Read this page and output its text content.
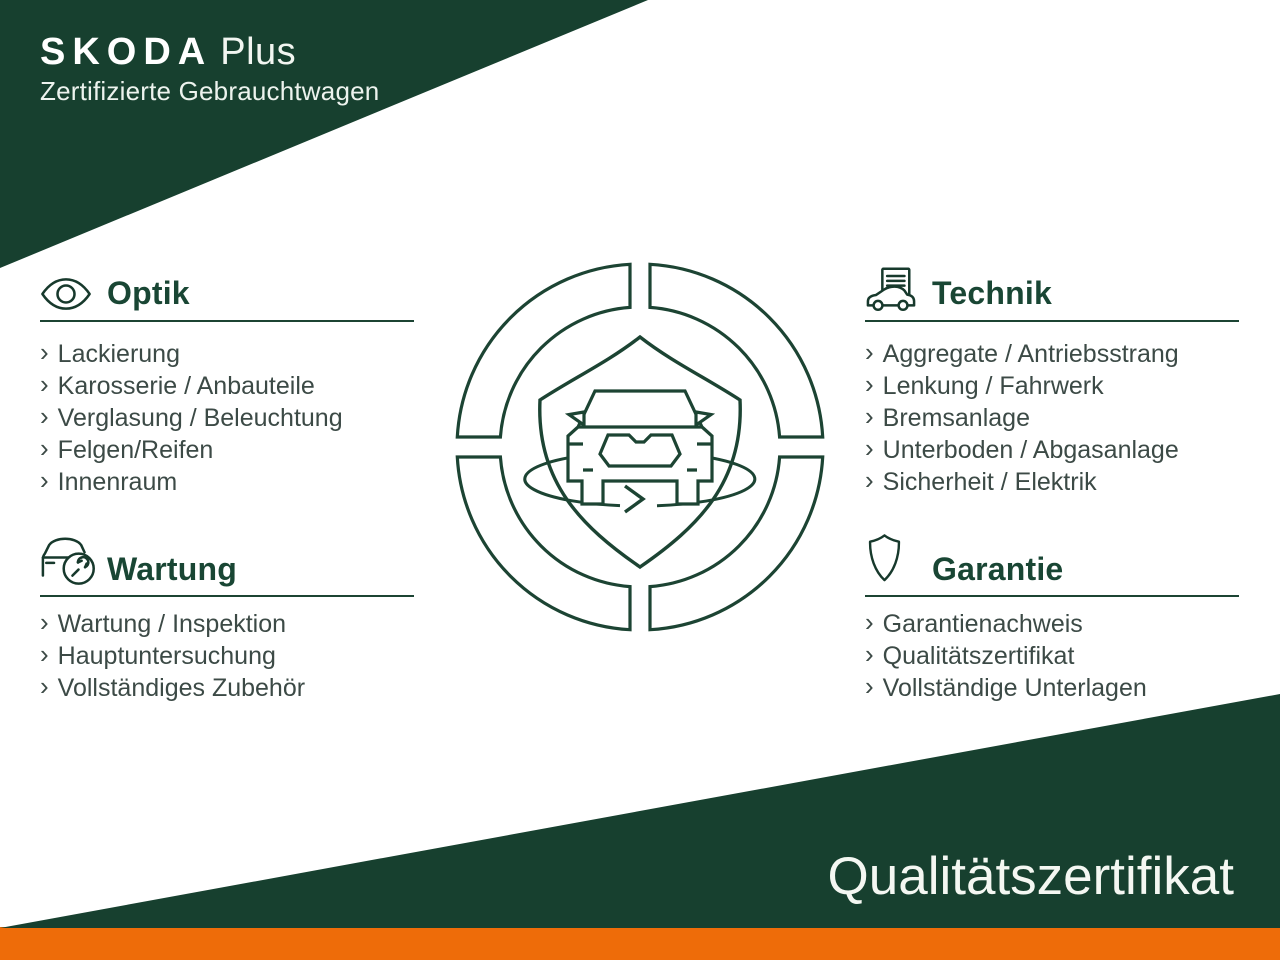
SKODA Plus
Zertifizierte Gebrauchtwagen
Optik
› Lackierung
› Karosserie / Anbauteile
› Verglasung / Beleuchtung
› Felgen/Reifen
› Innenraum
Technik
› Aggregate / Antriebsstrang
› Lenkung / Fahrwerk
› Bremsanlage
› Unterboden / Abgasanlage
› Sicherheit / Elektrik
Wartung
› Wartung / Inspektion
› Hauptuntersuchung
› Vollständiges Zubehör
Garantie
› Garantienachweis
› Qualitätszertifikat
› Vollständige Unterlagen
Qualitätszertifikat
